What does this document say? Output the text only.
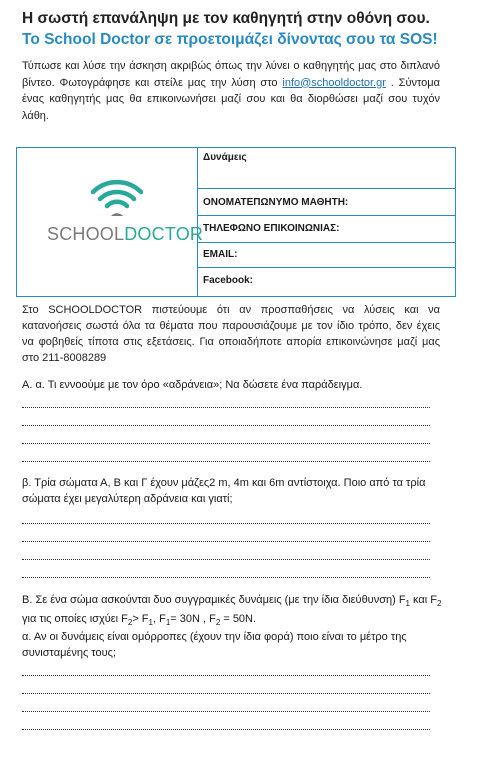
Η σωστή επανάληψη με τον καθηγητή στην οθόνη σου.
Το School Doctor σε προετοιμάζει δίνοντας σου τα SOS!
Τύπωσε και λύσε την άσκηση ακριβώς όπως την λύνει ο καθηγητής μας στο διπλανό βίντεο. Φωτογράφησε και στείλε μας την λύση στο info@schooldoctor.gr . Σύντομα ένας καθηγητής μας θα επικοινωνήσει μαζί σου και θα διορθώσει μαζί σου τυχόν λάθη.
SCHOOLDOCTOR
Δυνάμεις
ΟΝΟΜΑΤΕΠΩΝΥΜΟ ΜΑΘΗΤΗ:
ΤΗΛΕΦΩΝΟ ΕΠΙΚΟΙΝΩΝΙΑΣ:
EMAIL:
Facebook:
Στο SCHOOLDOCTOR πιστεύουμε ότι αν προσπαθήσεις να λύσεις και να κατανοήσεις σωστά όλα τα θέματα που παρουσιάζουμε με τον ίδιο τρόπο, δεν έχεις να φοβηθείς τίποτα στις εξετάσεις. Για οποιαδήποτε απορία επικοινώνησε μαζί μας στο 211-8008289
Α. α. Τι εννοούμε με τον όρο «αδράνεια»; Να δώσετε ένα παράδειγμα.
β. Τρία σώματα Α, Β και Γ έχουν μάζες2 m, 4m και 6m αντίστοιχα. Ποιο από τα τρία σώματα έχει μεγαλύτερη αδράνεια και γιατί;
Β. Σε ένα σώμα ασκούνται δυο συγγραμικές δυνάμεις (με την ίδια διεύθυνση) $F_1$ και $F_2$ για τις οποίες ισχύει $F_2> F_1$, $F_1= 30N$ , $F_2 = 50N$.
α. Αν οι δυνάμεις είναι ομόρροπες (έχουν την ίδια φορά) ποιο είναι το μέτρο της συνισταμένης τους;
